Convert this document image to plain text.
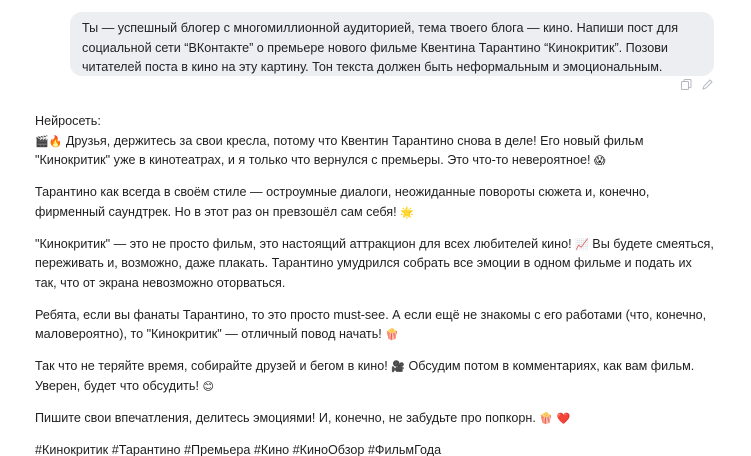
Ты — успешный блогер с многомиллионной аудиторией, тема твоего блога — кино. Напиши пост для социальной сети “ВКонтакте” о премьере нового фильме Квентина Тарантино “Кинокритик”. Позови читателей поста в кино на эту картину. Тон текста должен быть неформальным и эмоциональным.

Нейросеть:

🎬🔥 Друзья, держитесь за свои кресла, потому что Квентин Тарантино снова в деле! Его новый фильм "Кинокритик" уже в кинотеатрах, и я только что вернулся с премьеры. Это что-то невероятное! 😱

Тарантино как всегда в своём стиле — остроумные диалоги, неожиданные повороты сюжета и, конечно, фирменный саундтрек. Но в этот раз он превзошёл сам себя! 🌟

"Кинокритик" — это не просто фильм, это настоящий аттракцион для всех любителей кино! 📈 Вы будете смеяться, переживать и, возможно, даже плакать. Тарантино умудрился собрать все эмоции в одном фильме и подать их так, что от экрана невозможно оторваться.

Ребята, если вы фанаты Тарантино, то это просто must-see. А если ещё не знакомы с его работами (что, конечно, маловероятно), то "Кинокритик" — отличный повод начать! 🍿

Так что не теряйте время, собирайте друзей и бегом в кино! 🎥 Обсудим потом в комментариях, как вам фильм. Уверен, будет что обсудить! 😊

Пишите свои впечатления, делитесь эмоциями! И, конечно, не забудьте про попкорн. 🍿 ❤️

#Кинокритик #Тарантино #Премьера #Кино #КиноОбзор #ФильмГода
